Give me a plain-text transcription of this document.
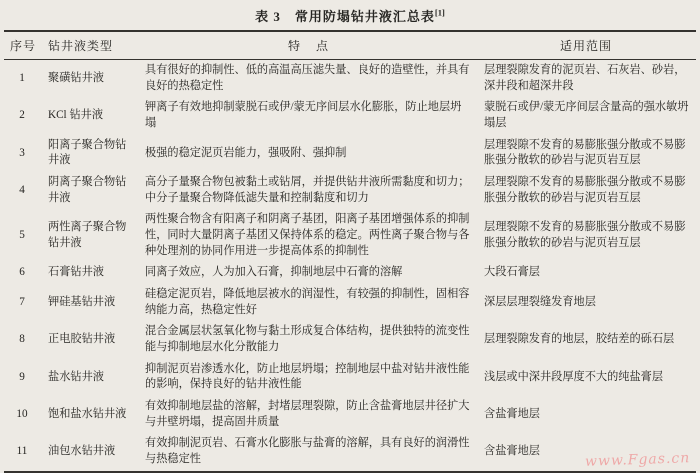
表 3　常用防塌钻井液汇总表[1]
序号	钻井液类型	特　点	适用范围
1	聚磺钻井液	具有很好的抑制性、低的高温高压滤失量、良好的造壁性，并具有良好的热稳定性	层理裂隙发育的泥页岩、石灰岩、砂岩，深井段和超深井段
2	KCl 钻井液	钾离子有效地抑制蒙脱石或伊/蒙无序间层水化膨胀，防止地层坍塌	蒙脱石或伊/蒙无序间层含量高的强水敏坍塌层
3	阳离子聚合物钻井液	极强的稳定泥页岩能力，强吸附、强抑制	层理裂隙不发育的易膨胀强分散或不易膨胀强分散软的砂岩与泥页岩互层
4	阴离子聚合物钻井液	高分子量聚合物包被黏土或钻屑，并提供钻井液所需黏度和切力；中分子量聚合物降低滤失量和控制黏度和切力	层理裂隙不发育的易膨胀强分散或不易膨胀强分散软的砂岩与泥页岩互层
5	两性离子聚合物钻井液	两性聚合物含有阳离子和阴离子基团，阳离子基团增强体系的抑制性，同时大量阴离子基团又保持体系的稳定。两性离子聚合物与各种处理剂的协同作用进一步提高体系的抑制性	层理裂隙不发育的易膨胀强分散或不易膨胀强分散软的砂岩与泥页岩互层
6	石膏钻井液	同离子效应，人为加入石膏，抑制地层中石膏的溶解	大段石膏层
7	钾硅基钻井液	硅稳定泥页岩，降低地层被水的润湿性，有较强的抑制性，固相容纳能力高，热稳定性好	深层层理裂缝发育地层
8	正电胶钻井液	混合金属层状氢氧化物与黏土形成复合体结构，提供独特的流变性能与抑制地层水化分散能力	层理裂隙发育的地层，胶结差的砾石层
9	盐水钻井液	抑制泥页岩渗透水化，防止地层坍塌；控制地层中盐对钻井液性能的影响，保持良好的钻井液性能	浅层或中深井段厚度不大的纯盐膏层
10	饱和盐水钻井液	有效抑制地层盐的溶解，封堵层理裂隙，防止含盐膏地层井径扩大与井壁坍塌，提高固井质量	含盐膏地层
11	油包水钻井液	有效抑制泥页岩、石膏水化膨胀与盐膏的溶解，具有良好的润滑性与热稳定性	含盐膏地层	www.Fgas.cn
